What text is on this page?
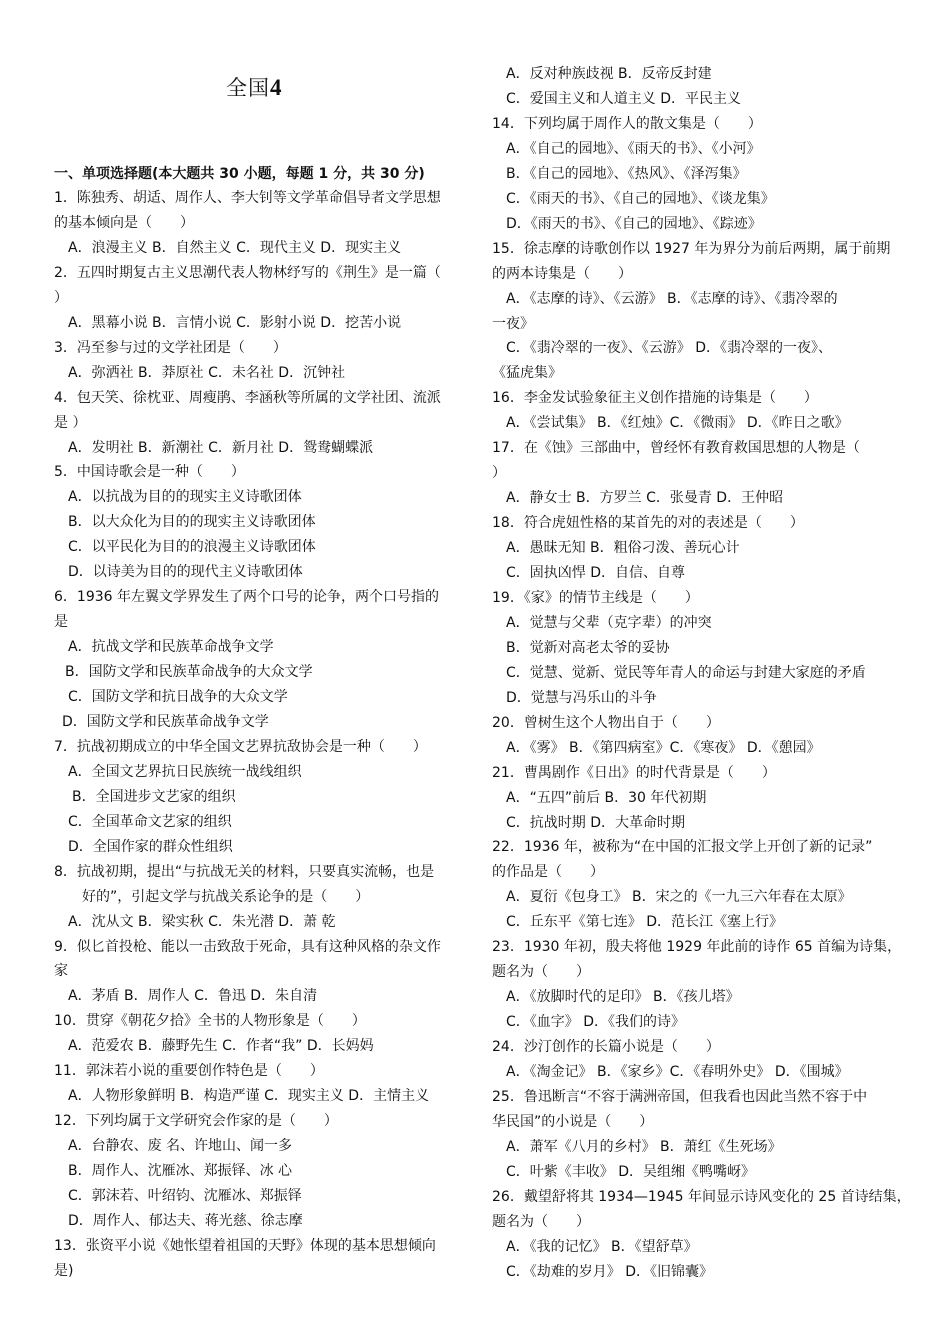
全国4
一、单项选择题(本大题共 30 小题，每题 1 分，共 30 分)
1．陈独秀、胡适、周作人、李大钊等文学革命倡导者文学思想
的基本倾向是（　　）
A．浪漫主义 B．自然主义 C．现代主义 D．现实主义
2．五四时期复古主义思潮代表人物林纾写的《荆生》是一篇（
）
A．黑幕小说 B．言情小说 C．影射小说 D．挖苦小说
3．冯至参与过的文学社团是（　　）
A．弥洒社 B．莽原社 C．未名社 D．沉钟社
4．包天笑、徐枕亚、周瘦鹃、李涵秋等所属的文学社团、流派
是 ）
A．发明社 B．新潮社 C．新月社 D．鸳鸯蝴蝶派
5．中国诗歌会是一种（　　）
A．以抗战为目的的现实主义诗歌团体
B．以大众化为目的的现实主义诗歌团体
C．以平民化为目的的浪漫主义诗歌团体
D．以诗美为目的的现代主义诗歌团体
6．1936 年左翼文学界发生了两个口号的论争，两个口号指的
是
A．抗战文学和民族革命战争文学
B．国防文学和民族革命战争的大众文学
C．国防文学和抗日战争的大众文学
D．国防文学和民族革命战争文学
7．抗战初期成立的中华全国文艺界抗敌协会是一种（　　）
A．全国文艺界抗日民族统一战线组织
B．全国进步文艺家的组织
C．全国革命文艺家的组织
D．全国作家的群众性组织
8．抗战初期，提出“与抗战无关的材料，只要真实流畅，也是
好的”，引起文学与抗战关系论争的是（　　）
A．沈从文 B．梁实秋 C．朱光潜 D．萧 乾
9．似匕首投枪、能以一击致敌于死命，具有这种风格的杂文作
家
A．茅盾 B．周作人 C．鲁迅 D．朱自清
10．贯穿《朝花夕拾》全书的人物形象是（　　）
A．范爱农 B．藤野先生 C．作者“我” D．长妈妈
11．郭沫若小说的重要创作特色是（　　）
A．人物形象鲜明 B．构造严谨 C．现实主义 D．主情主义
12．下列均属于文学研究会作家的是（　　）
A．台静农、废 名、许地山、闻一多
B．周作人、沈雁冰、郑振铎、冰 心
C．郭沫若、叶绍钧、沈雁冰、郑振铎
D．周作人、郁达夫、蒋光慈、徐志摩
13．张资平小说《她怅望着祖国的天野》体现的基本思想倾向
是)
A．反对种族歧视 B．反帝反封建
C．爱国主义和人道主义 D．平民主义
14．下列均属于周作人的散文集是（　　）
A．《自己的园地》、《雨天的书》、《小河》
B．《自己的园地》、《热风》、《泽泻集》
C．《雨天的书》、《自己的园地》、《谈龙集》
D．《雨天的书》、《自己的园地》、《踪迹》
15．徐志摩的诗歌创作以 1927 年为界分为前后两期，属于前期
的两本诗集是（　　）
A．《志摩的诗》、《云游》 B．《志摩的诗》、《翡冷翠的
一夜》
C．《翡冷翠的一夜》、《云游》 D．《翡冷翠的一夜》、
《猛虎集》
16．李金发试验象征主义创作措施的诗集是（　　）
A．《尝试集》 B．《红烛》C．《微雨》 D．《昨日之歌》
17．在《蚀》三部曲中，曾经怀有教育救国思想的人物是（
）
A．静女士 B．方罗兰 C．张曼青 D．王仲昭
18．符合虎妞性格的某首先的对的表述是（　　）
A．愚昧无知 B．粗俗刁泼、善玩心计
C．固执凶悍 D．自信、自尊
19．《家》的情节主线是（　　）
A．觉慧与父辈（克字辈）的冲突
B．觉新对高老太爷的妥协
C．觉慧、觉新、觉民等年青人的命运与封建大家庭的矛盾
D．觉慧与冯乐山的斗争
20．曾树生这个人物出自于（　　）
A．《雾》 B．《第四病室》C．《寒夜》 D．《憩园》
21．曹禺剧作《日出》的时代背景是（　　）
A．“五四”前后 B．30 年代初期
C．抗战时期 D．大革命时期
22．1936 年，被称为“在中国的汇报文学上开创了新的记录”
的作品是（　　）
A．夏衍《包身工》 B．宋之的《一九三六年春在太原》
C．丘东平《第七连》 D．范长江《塞上行》
23．1930 年初，殷夫将他 1929 年此前的诗作 65 首编为诗集，
题名为（　　）
A．《放脚时代的足印》 B．《孩儿塔》
C．《血字》 D．《我们的诗》
24．沙汀创作的长篇小说是（　　）
A．《淘金记》 B．《家乡》C．《春明外史》 D．《围城》
25．鲁迅断言“不容于满洲帝国，但我看也因此当然不容于中
华民国”的小说是（　　）
A．萧军《八月的乡村》 B．萧红《生死场》
C．叶紫《丰收》 D．吴组缃《鸭嘴岈》
26．戴望舒将其 1934—1945 年间显示诗风变化的 25 首诗结集，
题名为（　　）
A．《我的记忆》 B．《望舒草》
C．《劫难的岁月》 D．《旧锦囊》
